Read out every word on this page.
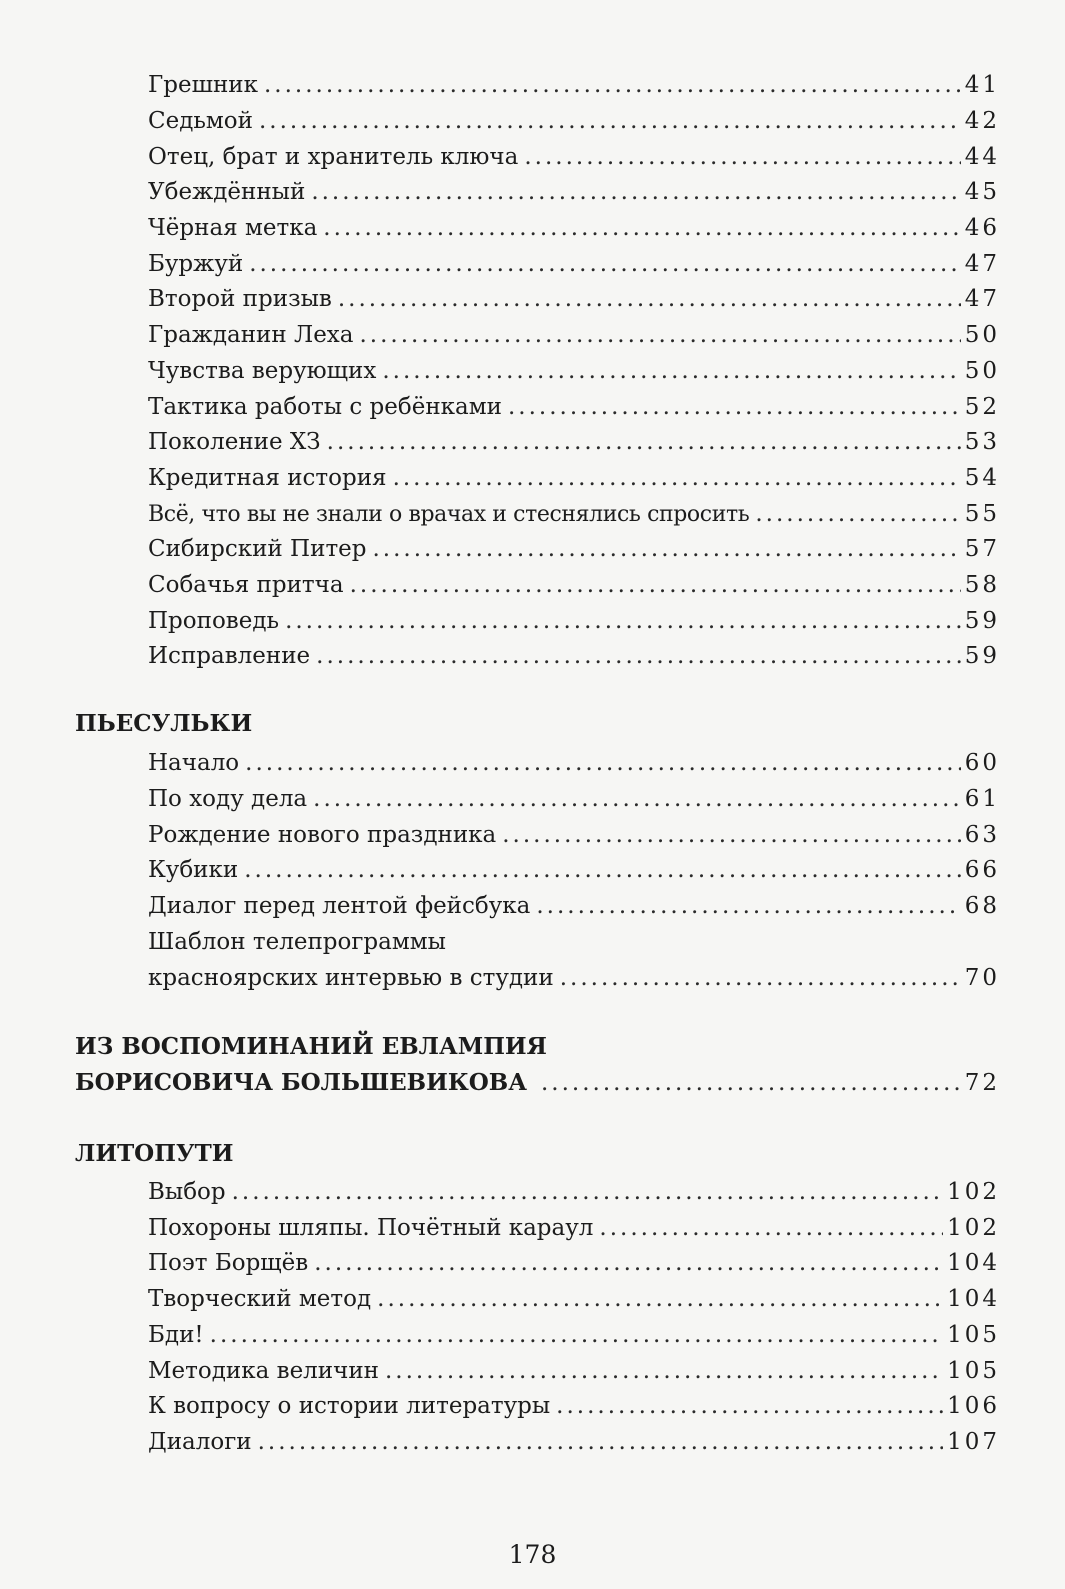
Грешник .....	41
Седьмой .....	42
Отец, брат и хранитель ключа .....	44
Убеждённый .....	45
Чёрная метка .....	46
Буржуй .....	47
Второй призыв .....	47
Гражданин Леха .....	50
Чувства верующих .....	50
Тактика работы с ребёнками .....	52
Поколение ХЗ .....	53
Кредитная история .....	54
Всё, что вы не знали о врачах и стеснялись спросить .....	55
Сибирский Питер .....	57
Собачья притча .....	58
Проповедь .....	59
Исправление .....	59
ПЬЕСУЛЬКИ
Начало .....	60
По ходу дела .....	61
Рождение нового праздника .....	63
Кубики .....	66
Диалог перед лентой фейсбука .....	68
Шаблон телепрограммы
красноярских интервью в студии .....	70
ИЗ ВОСПОМИНАНИЙ ЕВЛАМПИЯ
БОРИСОВИЧА БОЛЬШЕВИКОВА .....	72
ЛИТОПУТИ
Выбор .....	102
Похороны шляпы. Почётный караул .....	102
Поэт Борщёв .....	104
Творческий метод .....	104
Бди! .....	105
Методика величин .....	105
К вопросу о истории литературы .....	106
Диалоги .....	107
178
